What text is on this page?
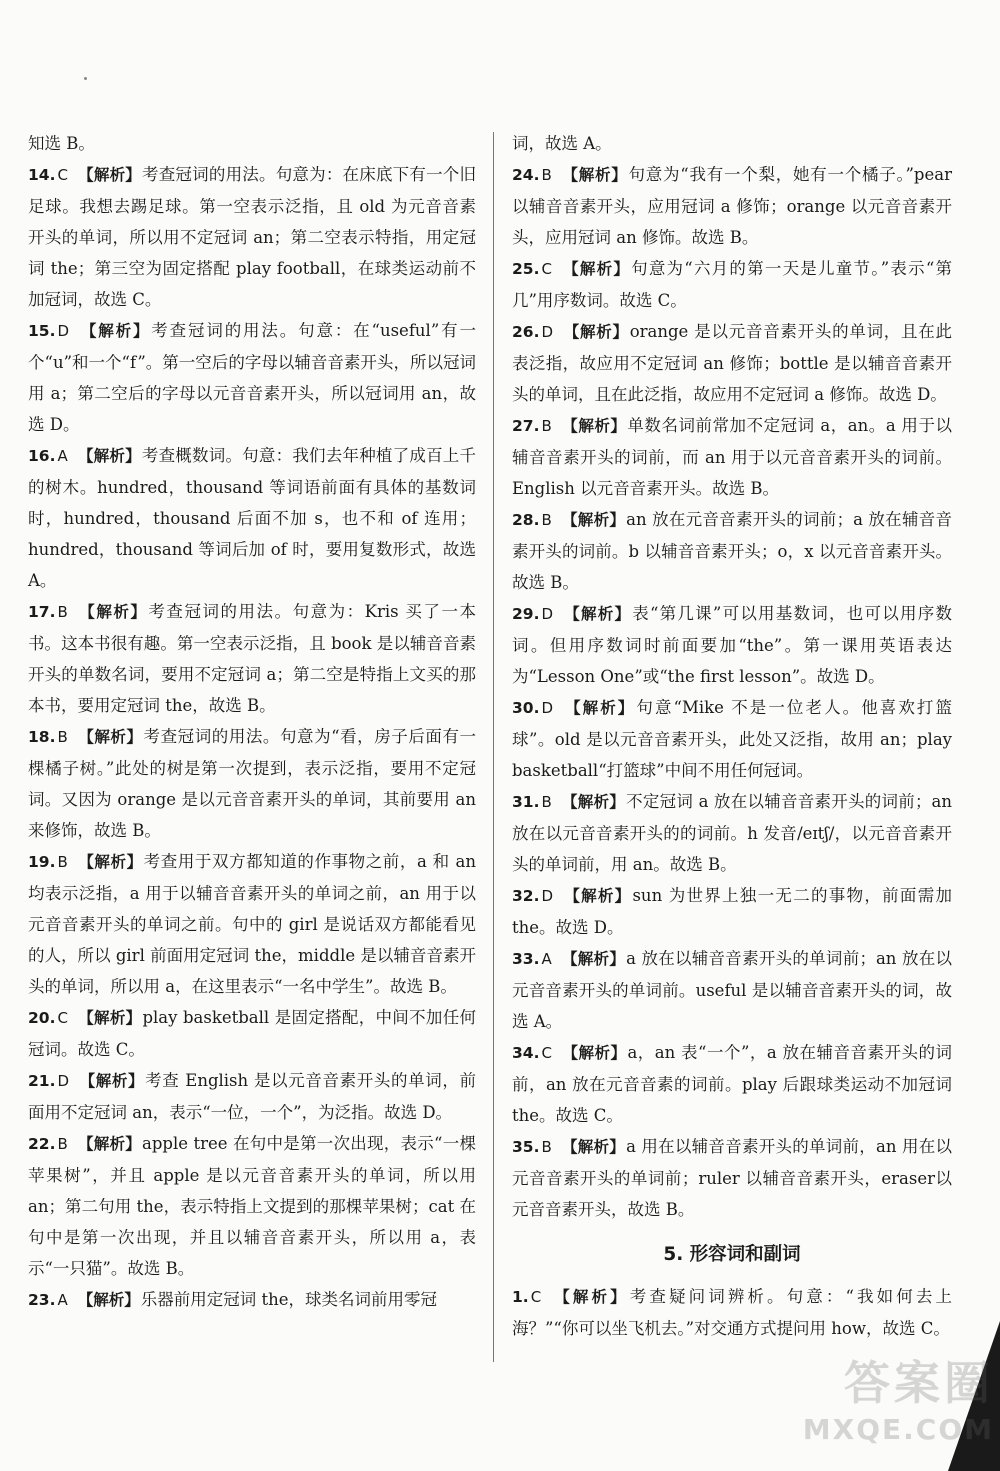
知选 B。

14. C 【解析】考查冠词的用法。句意为：在床底下有一个旧足球。我想去踢足球。第一空表示泛指，且 old 为元音音素开头的单词，所以用不定冠词 an；第二空表示特指，用定冠词 the；第三空为固定搭配 play football，在球类运动前不加冠词，故选 C。

15. D 【解析】考查冠词的用法。句意：在“useful”有一个“u”和一个“f”。第一空后的字母以辅音音素开头，所以冠词用 a；第二空后的字母以元音音素开头，所以冠词用 an，故选 D。

16. A 【解析】考查概数词。句意：我们去年种植了成百上千的树木。hundred，thousand 等词语前面有具体的基数词时，hundred，thousand 后面不加 s，也不和 of 连用；hundred，thousand 等词后加 of 时，要用复数形式，故选 A。

17. B 【解析】考查冠词的用法。句意为：Kris 买了一本书。这本书很有趣。第一空表示泛指，且 book 是以辅音音素开头的单数名词，要用不定冠词 a；第二空是特指上文买的那本书，要用定冠词 the，故选 B。

18. B 【解析】考查冠词的用法。句意为“看，房子后面有一棵橘子树。”此处的树是第一次提到，表示泛指，要用不定冠词。又因为 orange 是以元音音素开头的单词，其前要用 an 来修饰，故选 B。

19. B 【解析】考查用于双方都知道的作事物之前，a 和 an 均表示泛指，a 用于以辅音音素开头的单词之前，an 用于以元音音素开头的单词之前。句中的 girl 是说话双方都能看见的人，所以 girl 前面用定冠词 the，middle 是以辅音音素开头的单词，所以用 a，在这里表示“一名中学生”。故选 B。

20. C 【解析】play basketball 是固定搭配，中间不加任何冠词。故选 C。

21. D 【解析】考查 English 是以元音音素开头的单词，前面用不定冠词 an，表示“一位，一个”，为泛指。故选 D。

22. B 【解析】apple tree 在句中是第一次出现，表示“一棵苹果树”，并且 apple 是以元音音素开头的单词，所以用 an；第二句用 the，表示特指上文提到的那棵苹果树；cat 在句中是第一次出现，并且以辅音音素开头，所以用 a，表示“一只猫”。故选 B。

23. A 【解析】乐器前用定冠词 the，球类名词前用零冠

词，故选 A。

24. B 【解析】句意为“我有一个梨，她有一个橘子。”pear 以辅音音素开头，应用冠词 a 修饰；orange 以元音音素开头，应用冠词 an 修饰。故选 B。

25. C 【解析】句意为“六月的第一天是儿童节。”表示“第几”用序数词。故选 C。

26. D 【解析】orange 是以元音音素开头的单词，且在此表泛指，故应用不定冠词 an 修饰；bottle 是以辅音音素开头的单词，且在此泛指，故应用不定冠词 a 修饰。故选 D。

27. B 【解析】单数名词前常加不定冠词 a，an。a 用于以辅音音素开头的词前，而 an 用于以元音音素开头的词前。English 以元音音素开头。故选 B。

28. B 【解析】an 放在元音音素开头的词前；a 放在辅音音素开头的词前。b 以辅音音素开头；o，x 以元音音素开头。故选 B。

29. D 【解析】表“第几课”可以用基数词，也可以用序数词。但用序数词时前面要加“the”。第一课用英语表达为“Lesson One”或“the first lesson”。故选 D。

30. D 【解析】句意“Mike 不是一位老人。他喜欢打篮球”。old 是以元音音素开头，此处又泛指，故用 an；play basketball“打篮球”中间不用任何冠词。

31. B 【解析】不定冠词 a 放在以辅音音素开头的词前；an 放在以元音音素开头的的词前。h 发音/eɪtʃ/，以元音音素开头的单词前，用 an。故选 B。

32. D 【解析】sun 为世界上独一无二的事物，前面需加 the。故选 D。

33. A 【解析】a 放在以辅音音素开头的单词前；an 放在以元音音素开头的单词前。useful 是以辅音音素开头的词，故选 A。

34. C 【解析】a，an 表“一个”，a 放在辅音音素开头的词前，an 放在元音音素的词前。play 后跟球类运动不加冠词 the。故选 C。

35. B 【解析】a 用在以辅音音素开头的单词前，an 用在以元音音素开头的单词前；ruler 以辅音音素开头，eraser以元音音素开头，故选 B。

5. 形容词和副词

1. C 【解析】考查疑问词辨析。句意：“我如何去上海？”“你可以坐飞机去。”对交通方式提问用 how，故选 C。

答案圈
MXQE.COM
